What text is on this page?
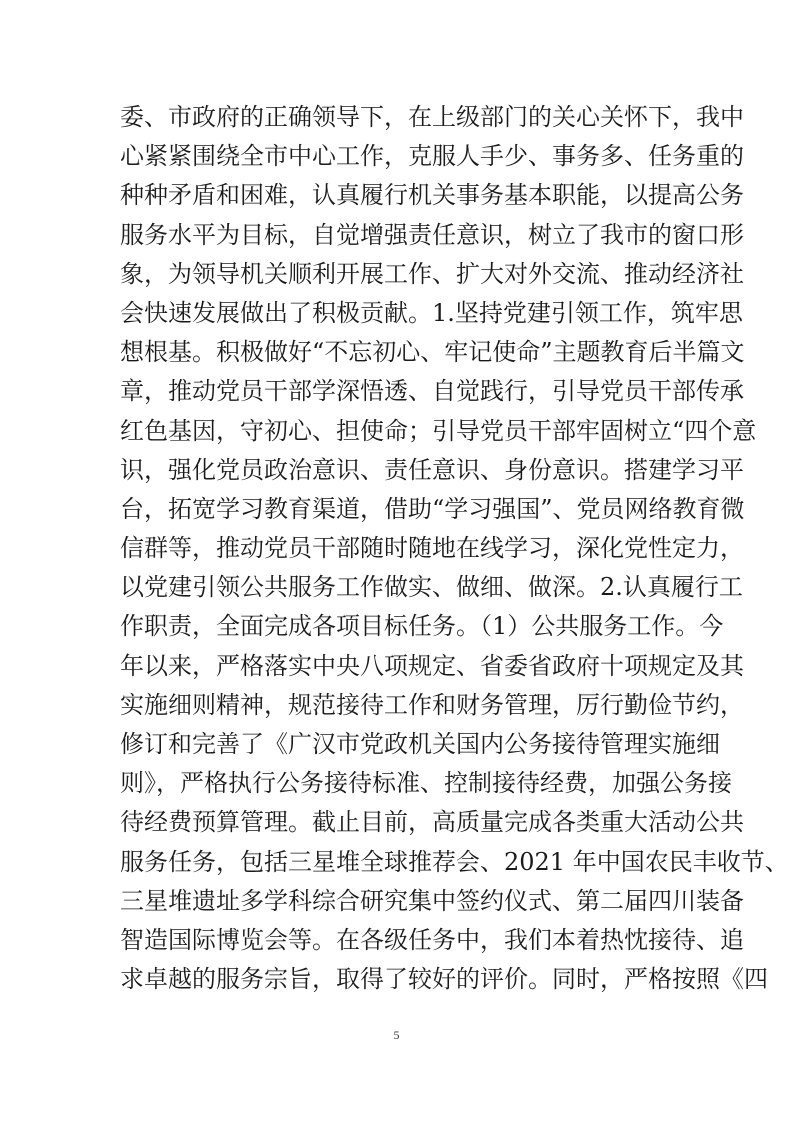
委、市政府的正确领导下，在上级部门的关心关怀下，我中
心紧紧围绕全市中心工作，克服人手少、事务多、任务重的
种种矛盾和困难，认真履行机关事务基本职能，以提高公务
服务水平为目标，自觉增强责任意识，树立了我市的窗口形
象，为领导机关顺利开展工作、扩大对外交流、推动经济社
会快速发展做出了积极贡献。1.坚持党建引领工作，筑牢思
想根基。积极做好“不忘初心、牢记使命”主题教育后半篇文
章，推动党员干部学深悟透、自觉践行，引导党员干部传承
红色基因，守初心、担使命；引导党员干部牢固树立“四个意
识，强化党员政治意识、责任意识、身份意识。搭建学习平
台，拓宽学习教育渠道，借助“学习强国”、党员网络教育微
信群等，推动党员干部随时随地在线学习，深化党性定力，
以党建引领公共服务工作做实、做细、做深。2.认真履行工
作职责，全面完成各项目标任务。（1）公共服务工作。今
年以来，严格落实中央八项规定、省委省政府十项规定及其
实施细则精神，规范接待工作和财务管理，厉行勤俭节约，
修订和完善了《广汉市党政机关国内公务接待管理实施细
则》，严格执行公务接待标准、控制接待经费，加强公务接
待经费预算管理。截止目前，高质量完成各类重大活动公共
服务任务，包括三星堆全球推荐会、2021 年中国农民丰收节、
三星堆遗址多学科综合研究集中签约仪式、第二届四川装备
智造国际博览会等。在各级任务中，我们本着热忱接待、追
求卓越的服务宗旨，取得了较好的评价。同时，严格按照《四
5
